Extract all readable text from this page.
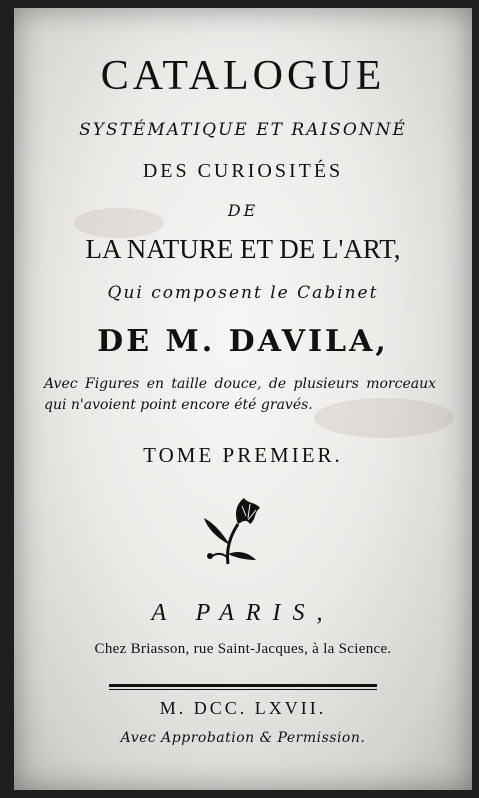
CATALOGUE
SYSTÉMATIQUE ET RAISONNÉ
DES CURIOSITÉS
DE
LA NATURE ET DE L'ART,
Qui composent le Cabinet
DE M. DAVILA,
Avec Figures en taille douce, de plusieurs morceaux qui n'avoient point encore été gravés.
TOME PREMIER.
A PARIS,
Chez Briasson, rue Saint-Jacques, à la Science.
M. DCC. LXVII.
Avec Approbation & Permission.
